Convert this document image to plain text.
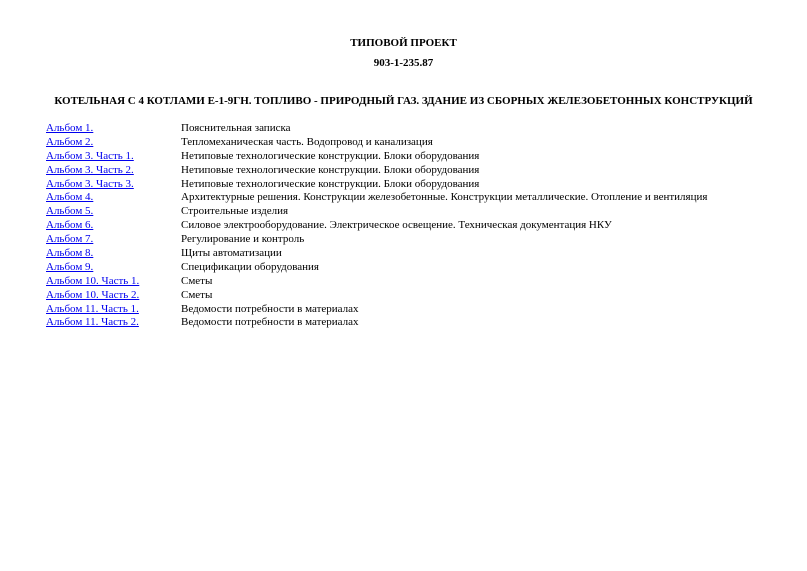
ТИПОВОЙ ПРОЕКТ
903-1-235.87
КОТЕЛЬНАЯ С 4 КОТЛАМИ Е-1-9ГН. ТОПЛИВО - ПРИРОДНЫЙ ГАЗ. ЗДАНИЕ ИЗ СБОРНЫХ ЖЕЛЕЗОБЕТОННЫХ КОНСТРУКЦИЙ
Альбом 1.	Пояснительная записка
Альбом 2.	Тепломеханическая часть. Водопровод и канализация
Альбом 3. Часть 1.	Нетиповые технологические конструкции. Блоки оборудования
Альбом 3. Часть 2.	Нетиповые технологические конструкции. Блоки оборудования
Альбом 3. Часть 3.	Нетиповые технологические конструкции. Блоки оборудования
Альбом 4.	Архитектурные решения. Конструкции железобетонные. Конструкции металлические. Отопление и вентиляция
Альбом 5.	Строительные изделия
Альбом 6.	Силовое электрооборудование. Электрическое освещение. Техническая документация НКУ
Альбом 7.	Регулирование и контроль
Альбом 8.	Щиты автоматизации
Альбом 9.	Спецификации оборудования
Альбом 10. Часть 1.	Сметы
Альбом 10. Часть 2.	Сметы
Альбом 11. Часть 1.	Ведомости потребности в материалах
Альбом 11. Часть 2.	Ведомости потребности в материалах
